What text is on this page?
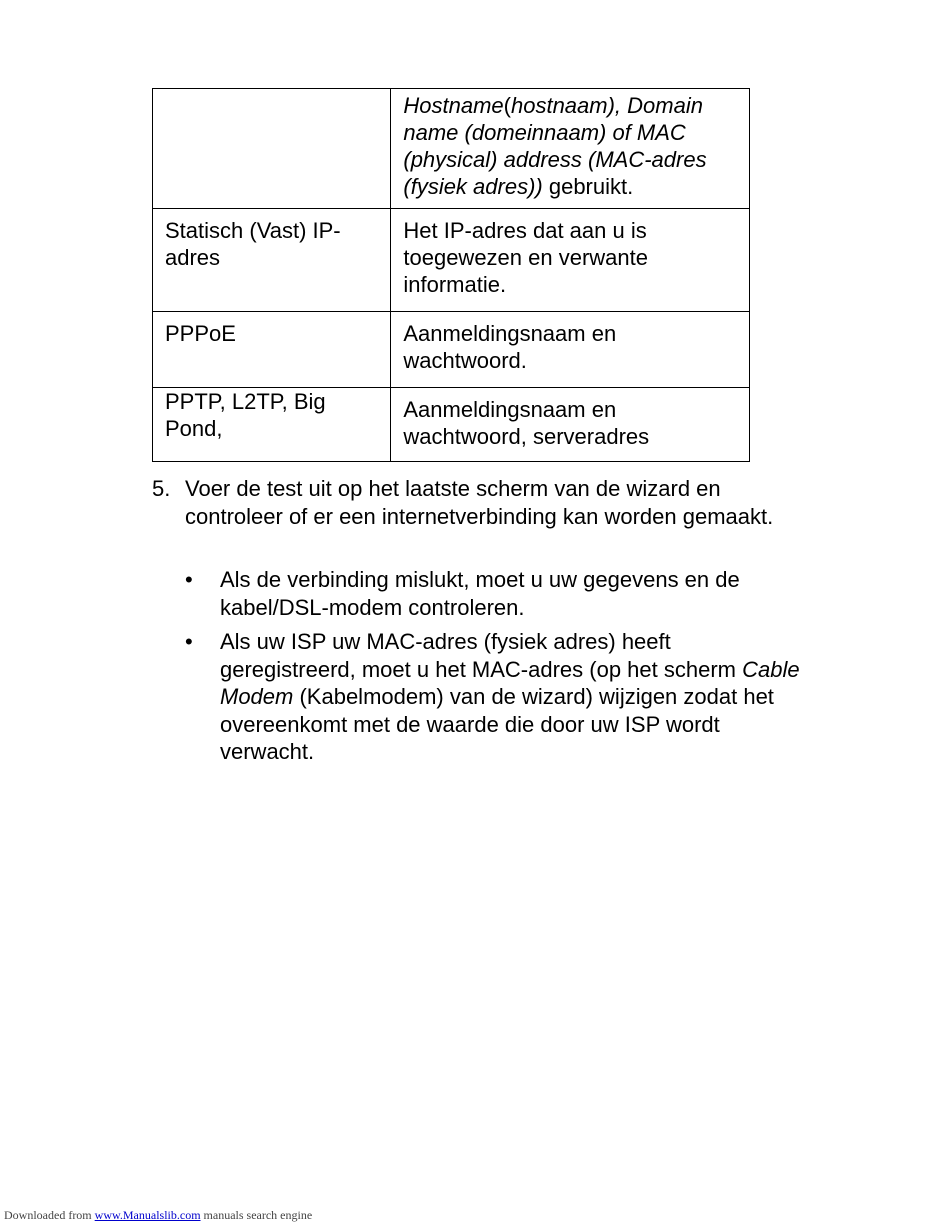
	Hostname(hostnaam), Domain name (domeinnaam) of MAC (physical) address (MAC-adres (fysiek adres)) gebruikt.
Statisch (Vast) IP-adres	Het IP-adres dat aan u is toegewezen en verwante informatie.
PPPoE	Aanmeldingsnaam en wachtwoord.
PPTP, L2TP, Big Pond,	Aanmeldingsnaam en wachtwoord, serveradres
5. Voer de test uit op het laatste scherm van de wizard en controleer of er een internetverbinding kan worden gemaakt.
• Als de verbinding mislukt, moet u uw gegevens en de kabel/DSL-modem controleren.
• Als uw ISP uw MAC-adres (fysiek adres) heeft geregistreerd, moet u het MAC-adres (op het scherm Cable Modem (Kabelmodem) van de wizard) wijzigen zodat het overeenkomt met de waarde die door uw ISP wordt verwacht.
Downloaded from www.Manualslib.com manuals search engine
